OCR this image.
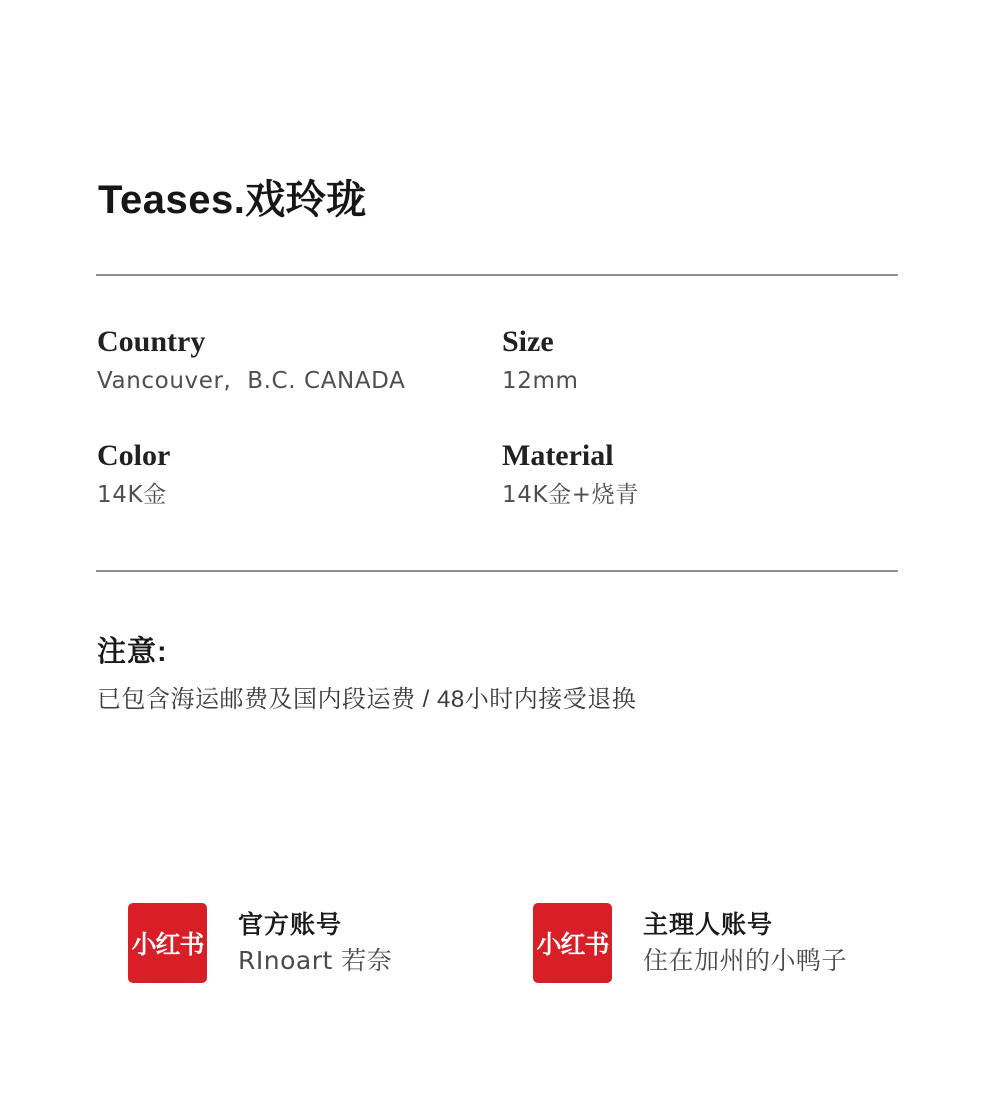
Teases.戏玲珑
Country
Vancouver,  B.C. CANADA
Size
12mm
Color
14K金
Material
14K金+烧青
注意:
已包含海运邮费及国内段运费 / 48小时内接受退换
小红书
官方账号
RInoart 若奈
小红书
主理人账号
住在加州的小鸭子
